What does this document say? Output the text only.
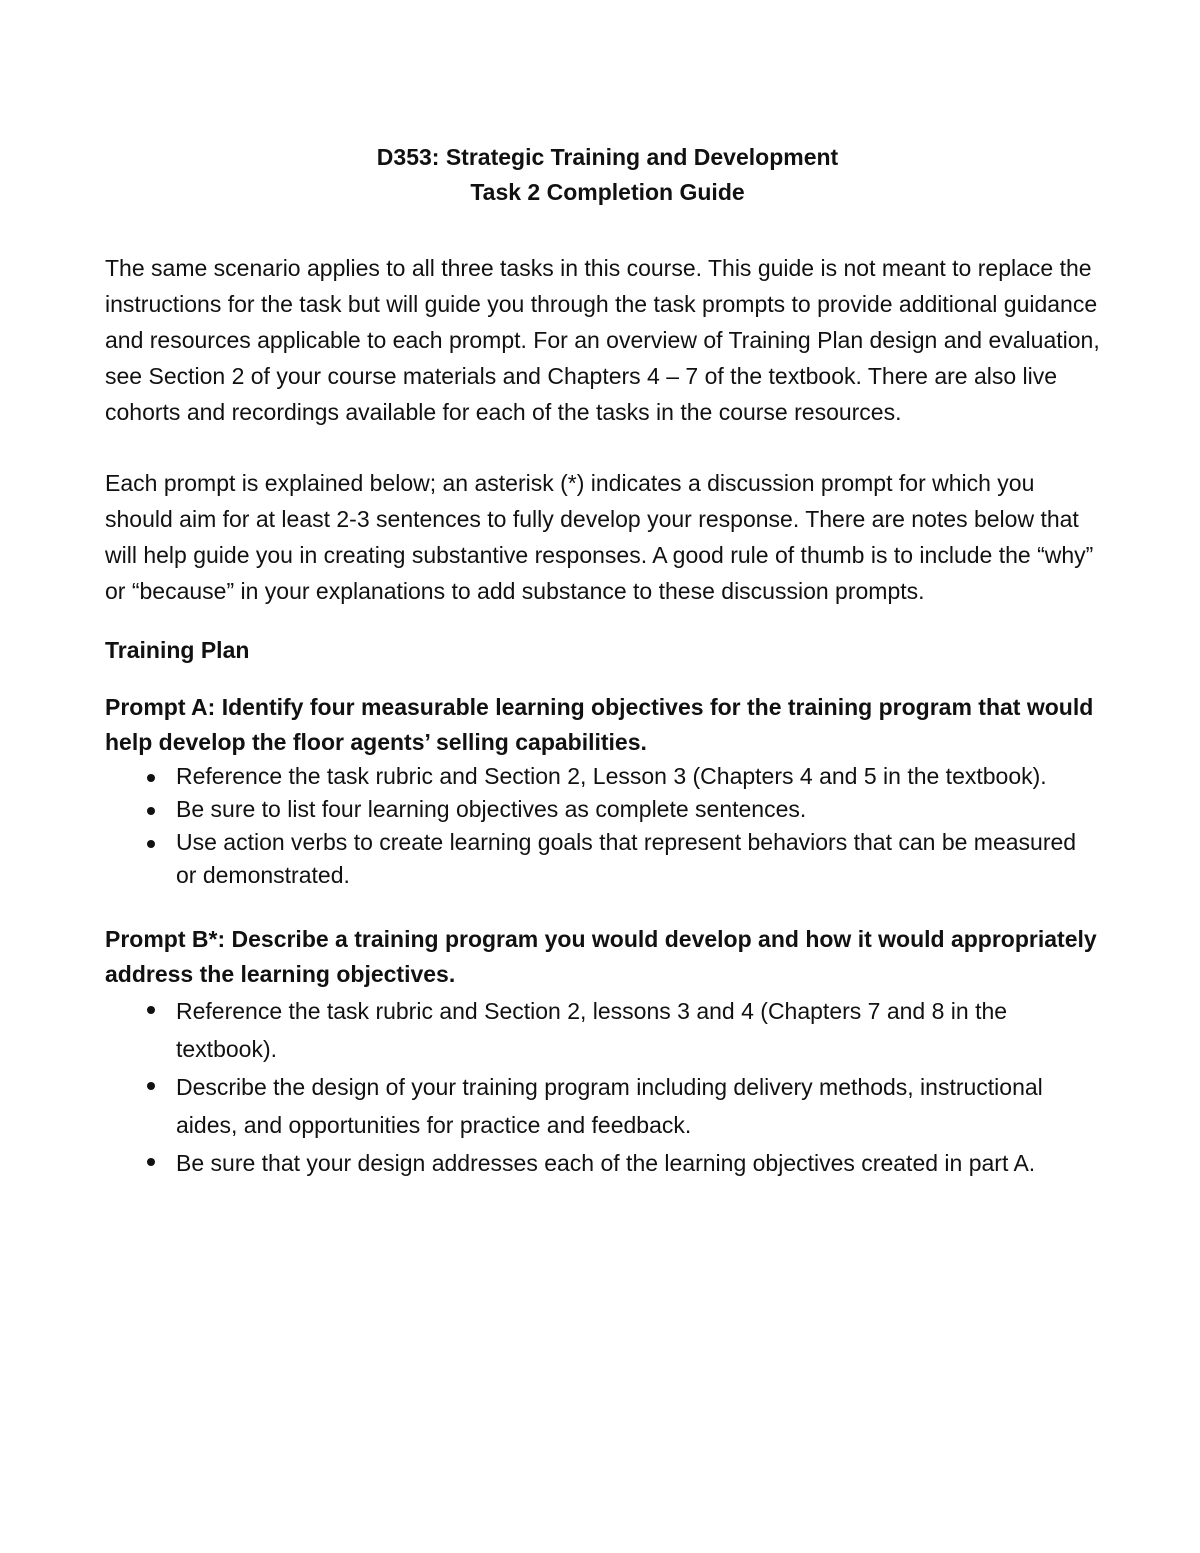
D353: Strategic Training and Development
Task 2 Completion Guide

The same scenario applies to all three tasks in this course. This guide is not meant to replace the instructions for the task but will guide you through the task prompts to provide additional guidance and resources applicable to each prompt. For an overview of Training Plan design and evaluation, see Section 2 of your course materials and Chapters 4 – 7 of the textbook. There are also live cohorts and recordings available for each of the tasks in the course resources.

Each prompt is explained below; an asterisk (*) indicates a discussion prompt for which you should aim for at least 2-3 sentences to fully develop your response. There are notes below that will help guide you in creating substantive responses. A good rule of thumb is to include the “why” or “because” in your explanations to add substance to these discussion prompts.

Training Plan
Prompt A: Identify four measurable learning objectives for the training program that would help develop the floor agents’ selling capabilities.
Reference the task rubric and Section 2, Lesson 3 (Chapters 4 and 5 in the textbook).
Be sure to list four learning objectives as complete sentences.
Use action verbs to create learning goals that represent behaviors that can be measured or demonstrated.
Prompt B*: Describe a training program you would develop and how it would appropriately address the learning objectives.
Reference the task rubric and Section 2, lessons 3 and 4 (Chapters 7 and 8 in the textbook).
Describe the design of your training program including delivery methods, instructional aides, and opportunities for practice and feedback.
Be sure that your design addresses each of the learning objectives created in part A.
